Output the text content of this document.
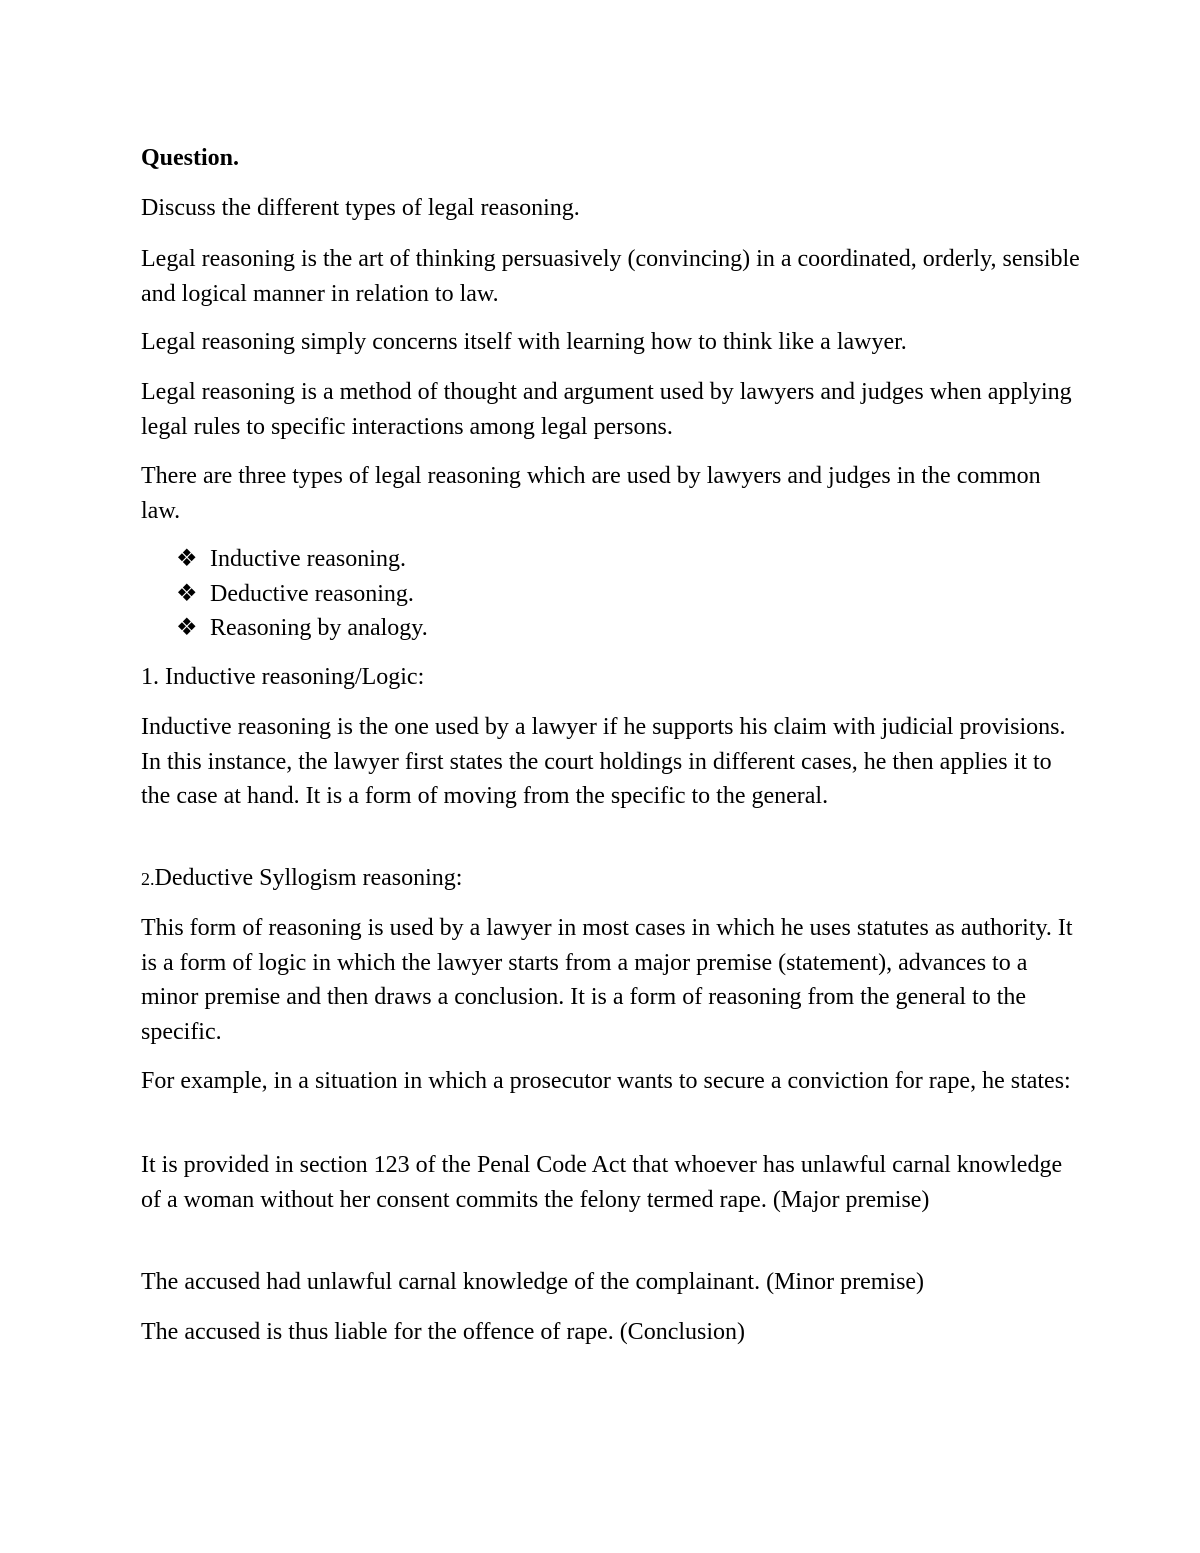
Question.

Discuss the different types of legal reasoning.

Legal reasoning is the art of thinking persuasively (convincing) in a coordinated, orderly, sensible and logical manner in relation to law.

Legal reasoning simply concerns itself with learning how to think like a lawyer.

Legal reasoning is a method of thought and argument used by lawyers and judges when applying legal rules to specific interactions among legal persons.

There are three types of legal reasoning which are used by lawyers and judges in the common law.

❖ Inductive reasoning.
❖ Deductive reasoning.
❖ Reasoning by analogy.

1. Inductive reasoning/Logic:

Inductive reasoning is the one used by a lawyer if he supports his claim with judicial provisions. In this instance, the lawyer first states the court holdings in different cases, he then applies it to the case at hand. It is a form of moving from the specific to the general.

2.Deductive Syllogism reasoning:

This form of reasoning is used by a lawyer in most cases in which he uses statutes as authority. It is a form of logic in which the lawyer starts from a major premise (statement), advances to a minor premise and then draws a conclusion. It is a form of reasoning from the general to the specific.

For example, in a situation in which a prosecutor wants to secure a conviction for rape, he states:

It is provided in section 123 of the Penal Code Act that whoever has unlawful carnal knowledge of a woman without her consent commits the felony termed rape. (Major premise)

The accused had unlawful carnal knowledge of the complainant. (Minor premise)

The accused is thus liable for the offence of rape. (Conclusion)
